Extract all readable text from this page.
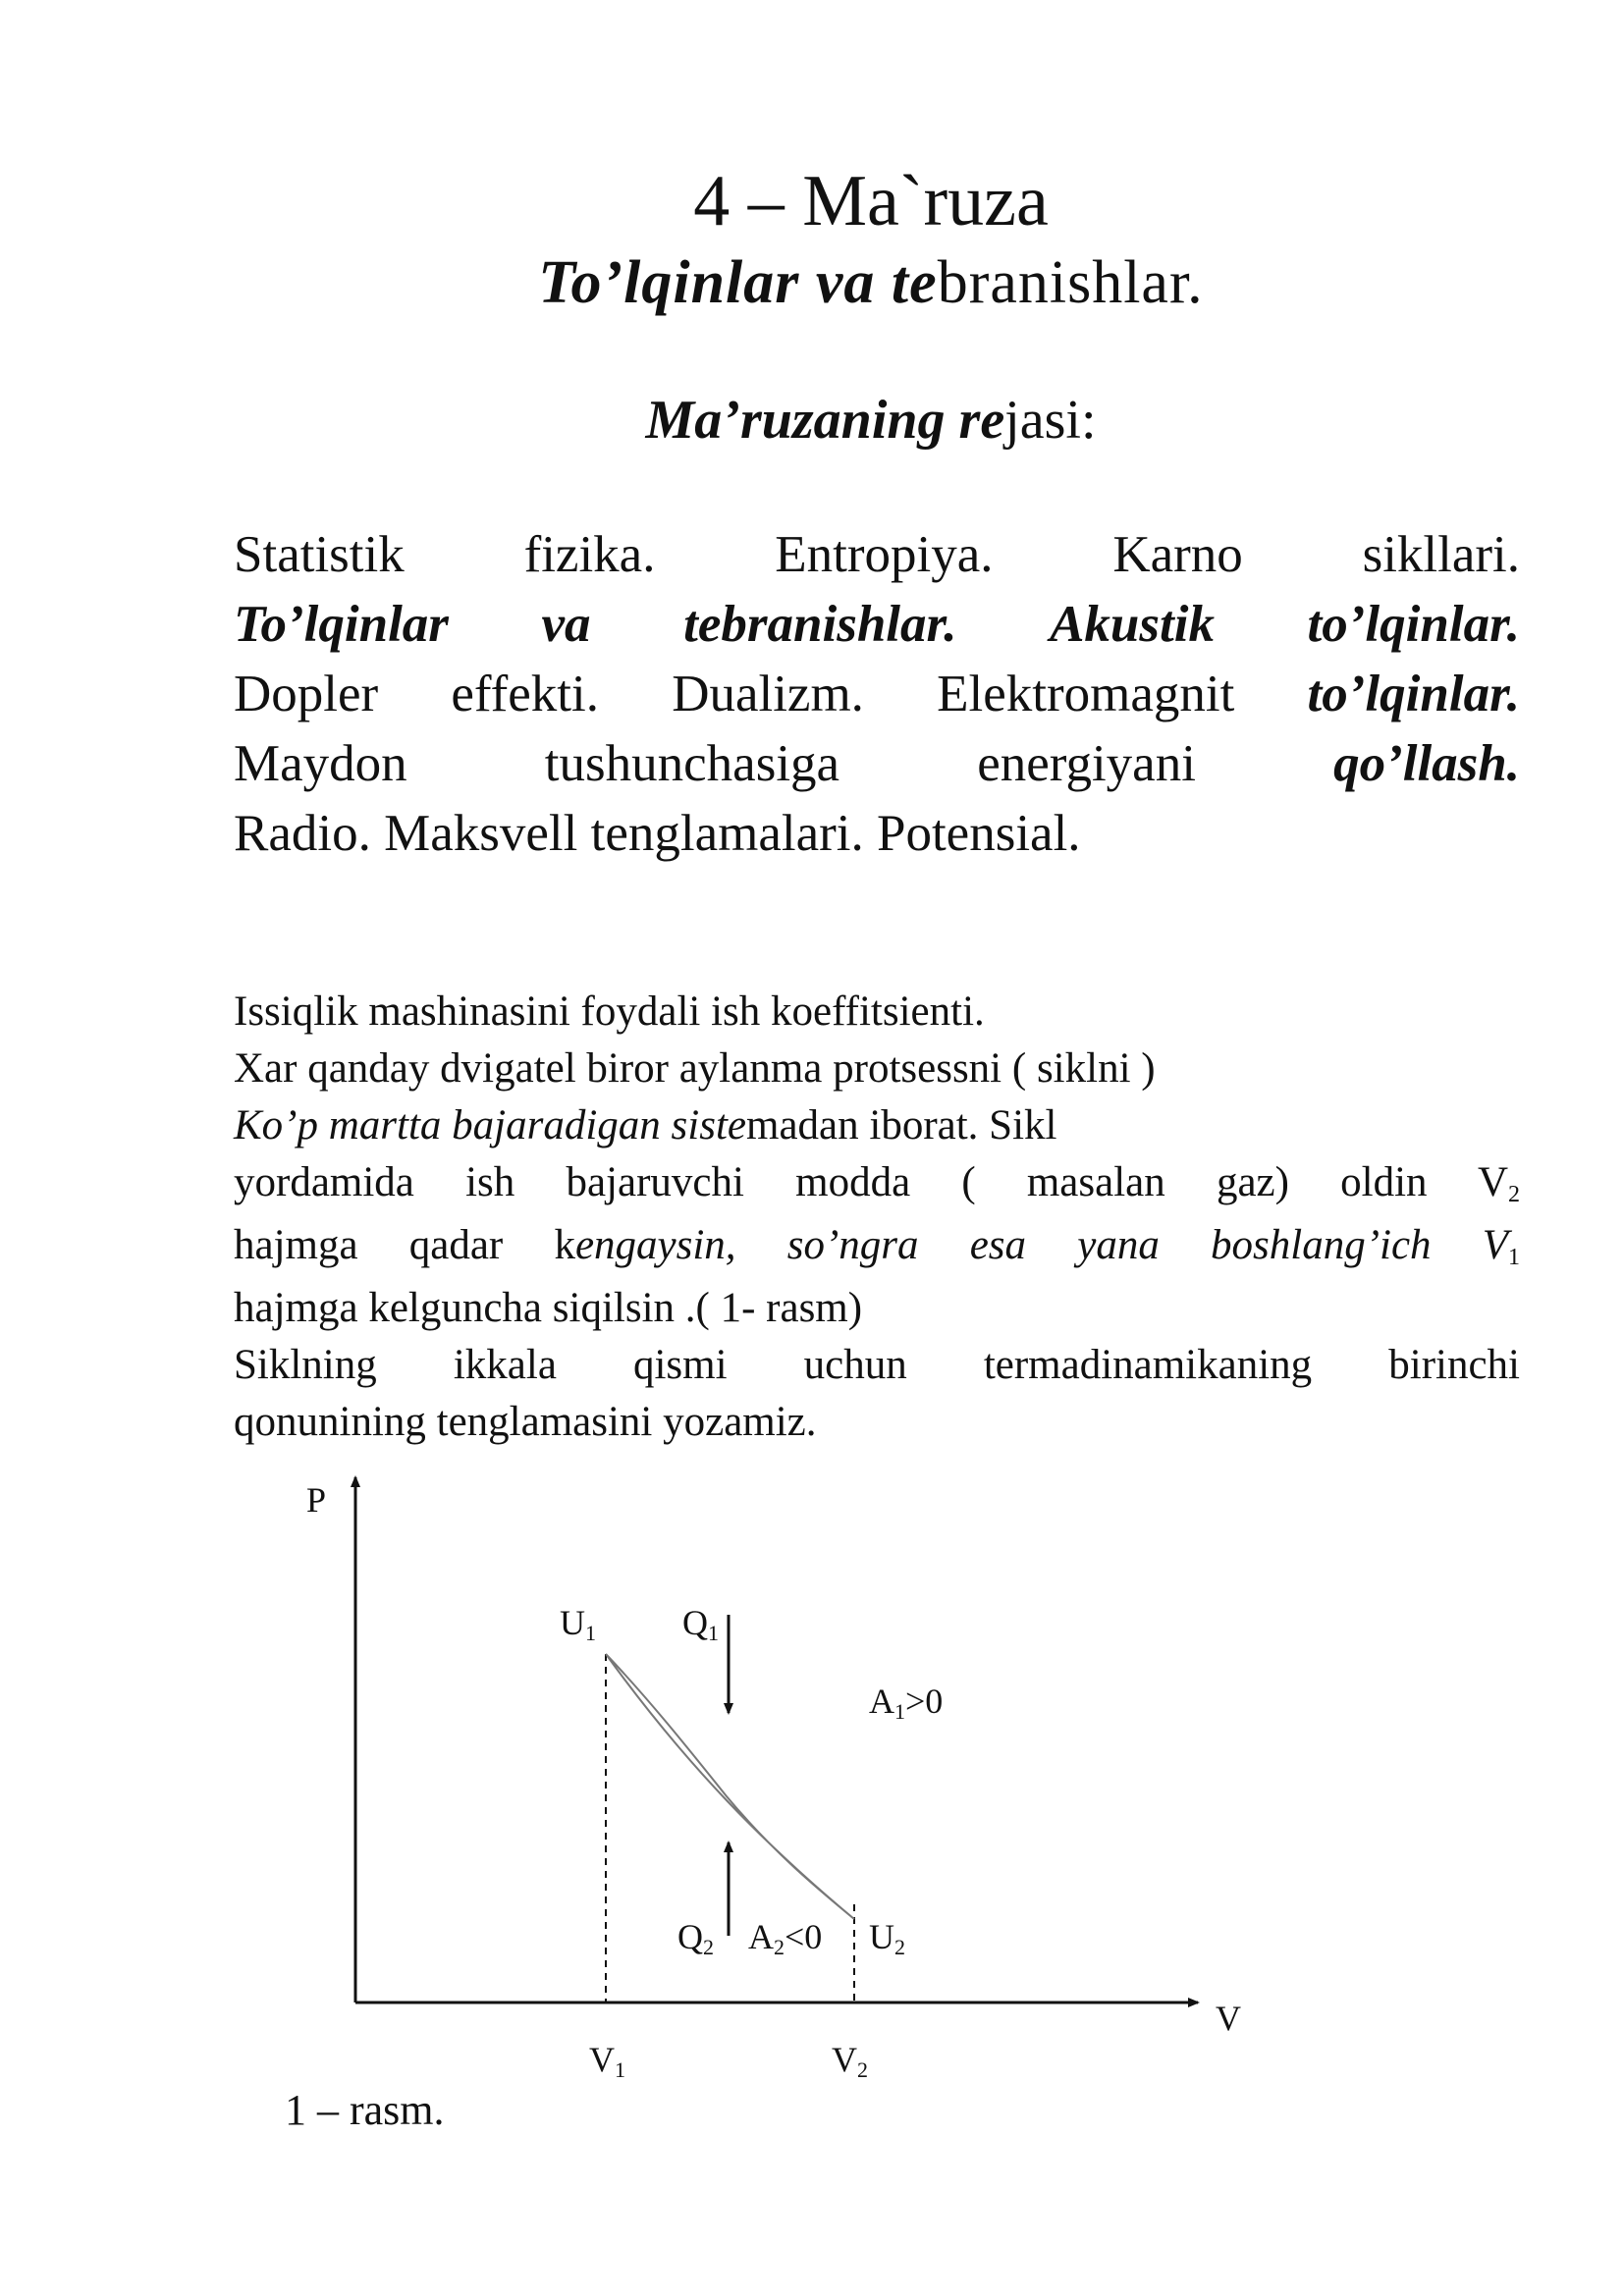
4 – Ma`ruza
To’lqinlar va tebranishlar.
Ma’ruzaning rejasi:
Statistik fizika. Entropiya. Karno sikllari.
To’lqinlar va tebranishlar. Akustik to’lqinlar.
Dopler effekti. Dualizm. Elektromagnit to’lqinlar.
Maydon	tushunchasiga	energiyani	qo’llash.
Radio. Maksvell tenglamalari. Potensial.
Issiqlik mashinasini foydali ish koeffitsienti.
Xar qanday dvigatel biror aylanma protsessni ( siklni )
Ko’p martta bajaradigan sistemadan iborat. Sikl
yordamida ish bajaruvchi modda ( masalan gaz) oldin $V_2$
hajmga qadar kengaysin, so’ngra esa yana boshlang’ich $V_1$
hajmga kelguncha siqilsin .( 1- rasm)
Siklning ikkala qismi uchun termadinamikaning birinchi
qonunining tenglamasini yozamiz.
P
V
U1 Q1
A1>0
Q2 A2<0 U2
V1	V2
1 – rasm.
